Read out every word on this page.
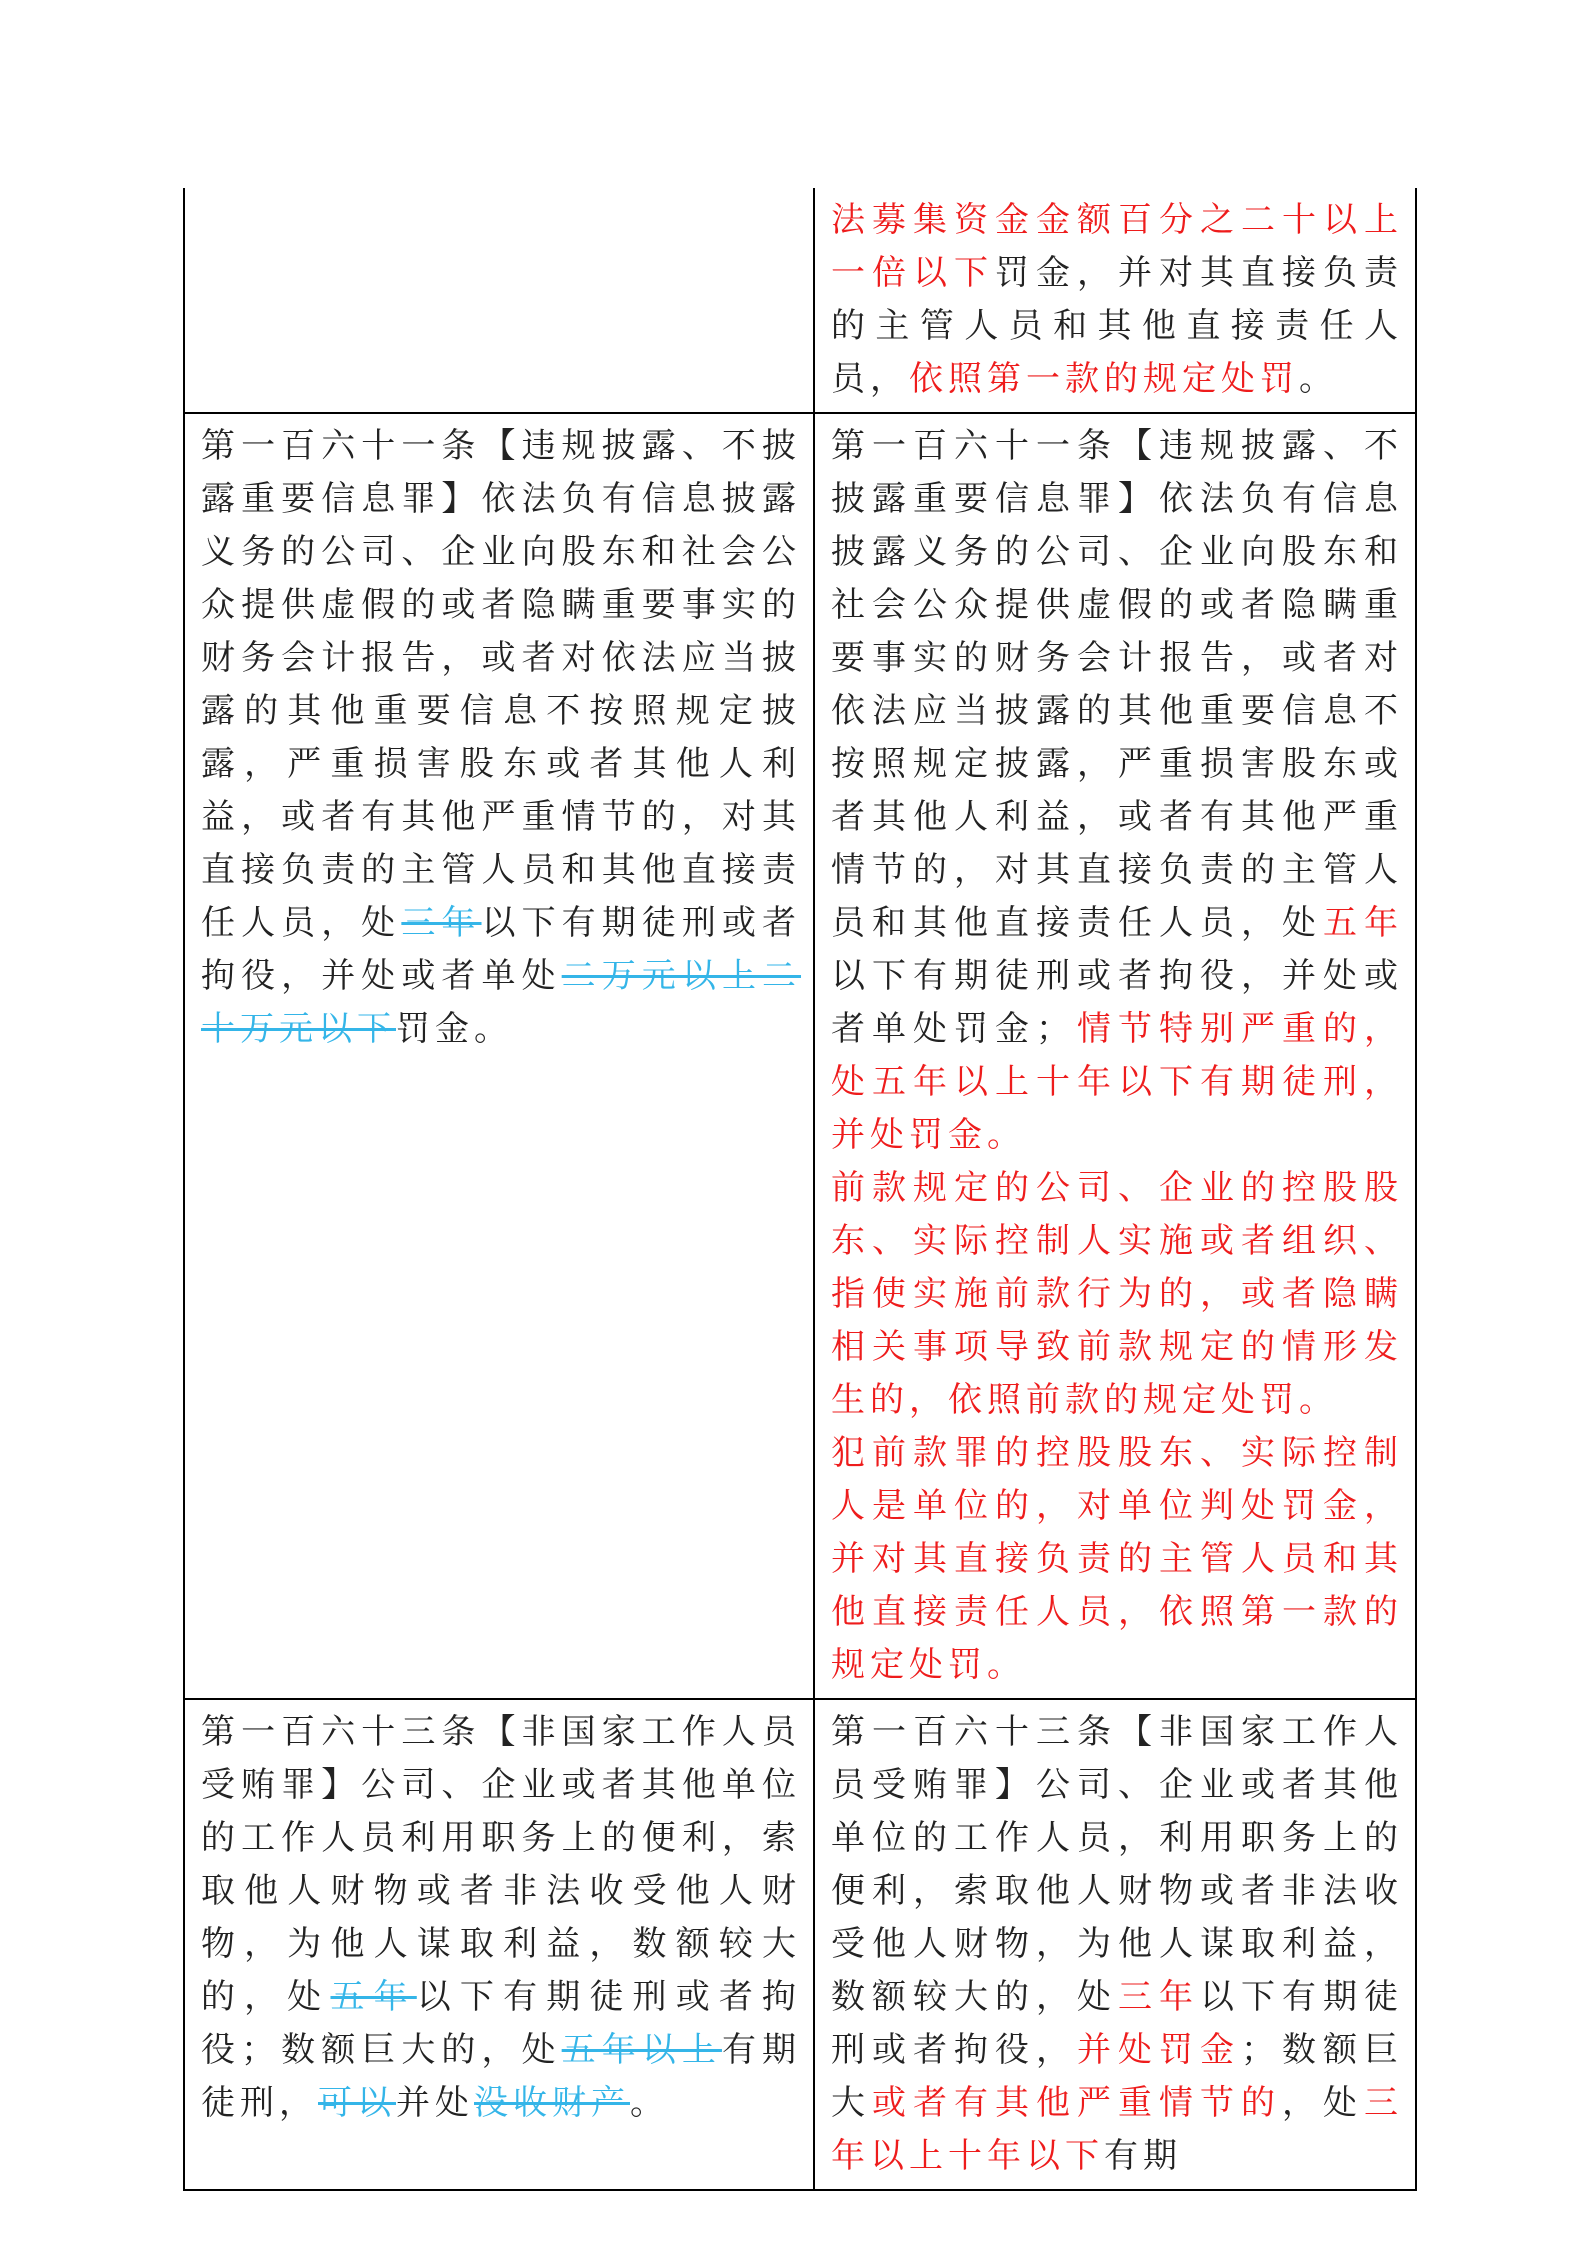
	法募集资金金额百分之二十以上一倍以下罚金，并对其直接负责的主管人员和其他直接责任人员，依照第一款的规定处罚。

第一百六十一条【违规披露、不披露重要信息罪】依法负有信息披露义务的公司、企业向股东和社会公众提供虚假的或者隐瞒重要事实的财务会计报告，或者对依法应当披露的其他重要信息不按照规定披露，严重损害股东或者其他人利益，或者有其他严重情节的，对其直接负责的主管人员和其他直接责任人员，处三年以下有期徒刑或者拘役，并处或者单处二万元以上二十万元以下罚金。	第一百六十一条【违规披露、不披露重要信息罪】依法负有信息披露义务的公司、企业向股东和社会公众提供虚假的或者隐瞒重要事实的财务会计报告，或者对依法应当披露的其他重要信息不按照规定披露，严重损害股东或者其他人利益，或者有其他严重情节的，对其直接负责的主管人员和其他直接责任人员，处五年以下有期徒刑或者拘役，并处或者单处罚金；情节特别严重的，处五年以上十年以下有期徒刑，并处罚金。
前款规定的公司、企业的控股股东、实际控制人实施或者组织、指使实施前款行为的，或者隐瞒相关事项导致前款规定的情形发生的，依照前款的规定处罚。
犯前款罪的控股股东、实际控制人是单位的，对单位判处罚金，并对其直接负责的主管人员和其他直接责任人员，依照第一款的规定处罚。

第一百六十三条【非国家工作人员受贿罪】公司、企业或者其他单位的工作人员利用职务上的便利，索取他人财物或者非法收受他人财物，为他人谋取利益，数额较大的，处五年以下有期徒刑或者拘役；数额巨大的，处五年以上有期徒刑，可以并处没收财产。	第一百六十三条【非国家工作人员受贿罪】公司、企业或者其他单位的工作人员，利用职务上的便利，索取他人财物或者非法收受他人财物，为他人谋取利益，数额较大的，处三年以下有期徒刑或者拘役，并处罚金；数额巨大或者有其他严重情节的，处三年以上十年以下有期
